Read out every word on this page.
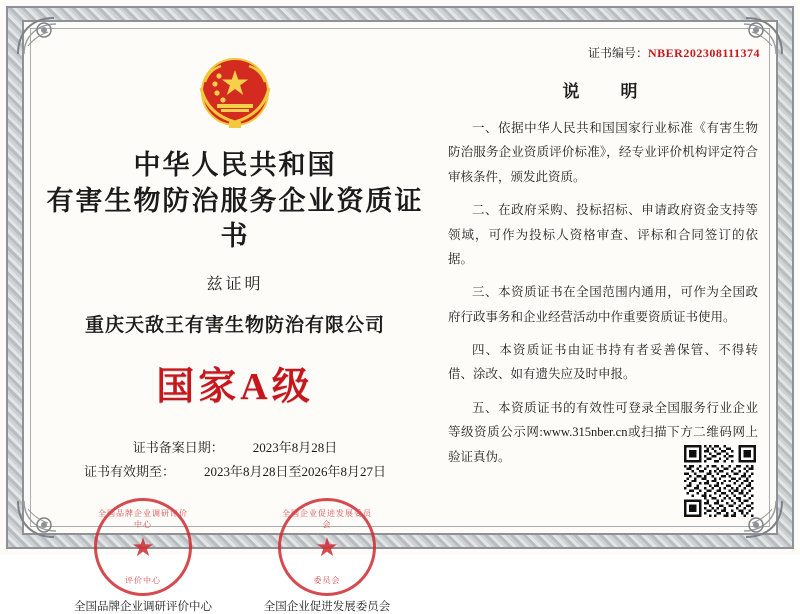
中华人民共和国
有害生物防治服务企业资质证书
兹证明
重庆天敌王有害生物防治有限公司
国家A级
证书备案日期：	2023年8月28日
证书有效期至：	2023年8月28日至2026年8月27日
全国品牌企业调研评价中心
★
评价中心
全国品牌企业调研评价中心
全国企业促进发展委员会
★
委员会
全国企业促进发展委员会
证书编号：NBER202308111374
说　明
一、依据中华人民共和国国家行业标准《有害生物防治服务企业资质评价标准》，经专业评价机构评定符合审核条件，颁发此资质。
二、在政府采购、投标招标、申请政府资金支持等领域，可作为投标人资格审查、评标和合同签订的依据。
三、本资质证书在全国范围内通用，可作为全国政府行政事务和企业经营活动中作重要资质证书使用。
四、本资质证书由证书持有者妥善保管、不得转借、涂改、如有遗失应及时申报。
五、本资质证书的有效性可登录全国服务行业企业等级资质公示网:www.315nber.cn或扫描下方二维码网上验证真伪。
